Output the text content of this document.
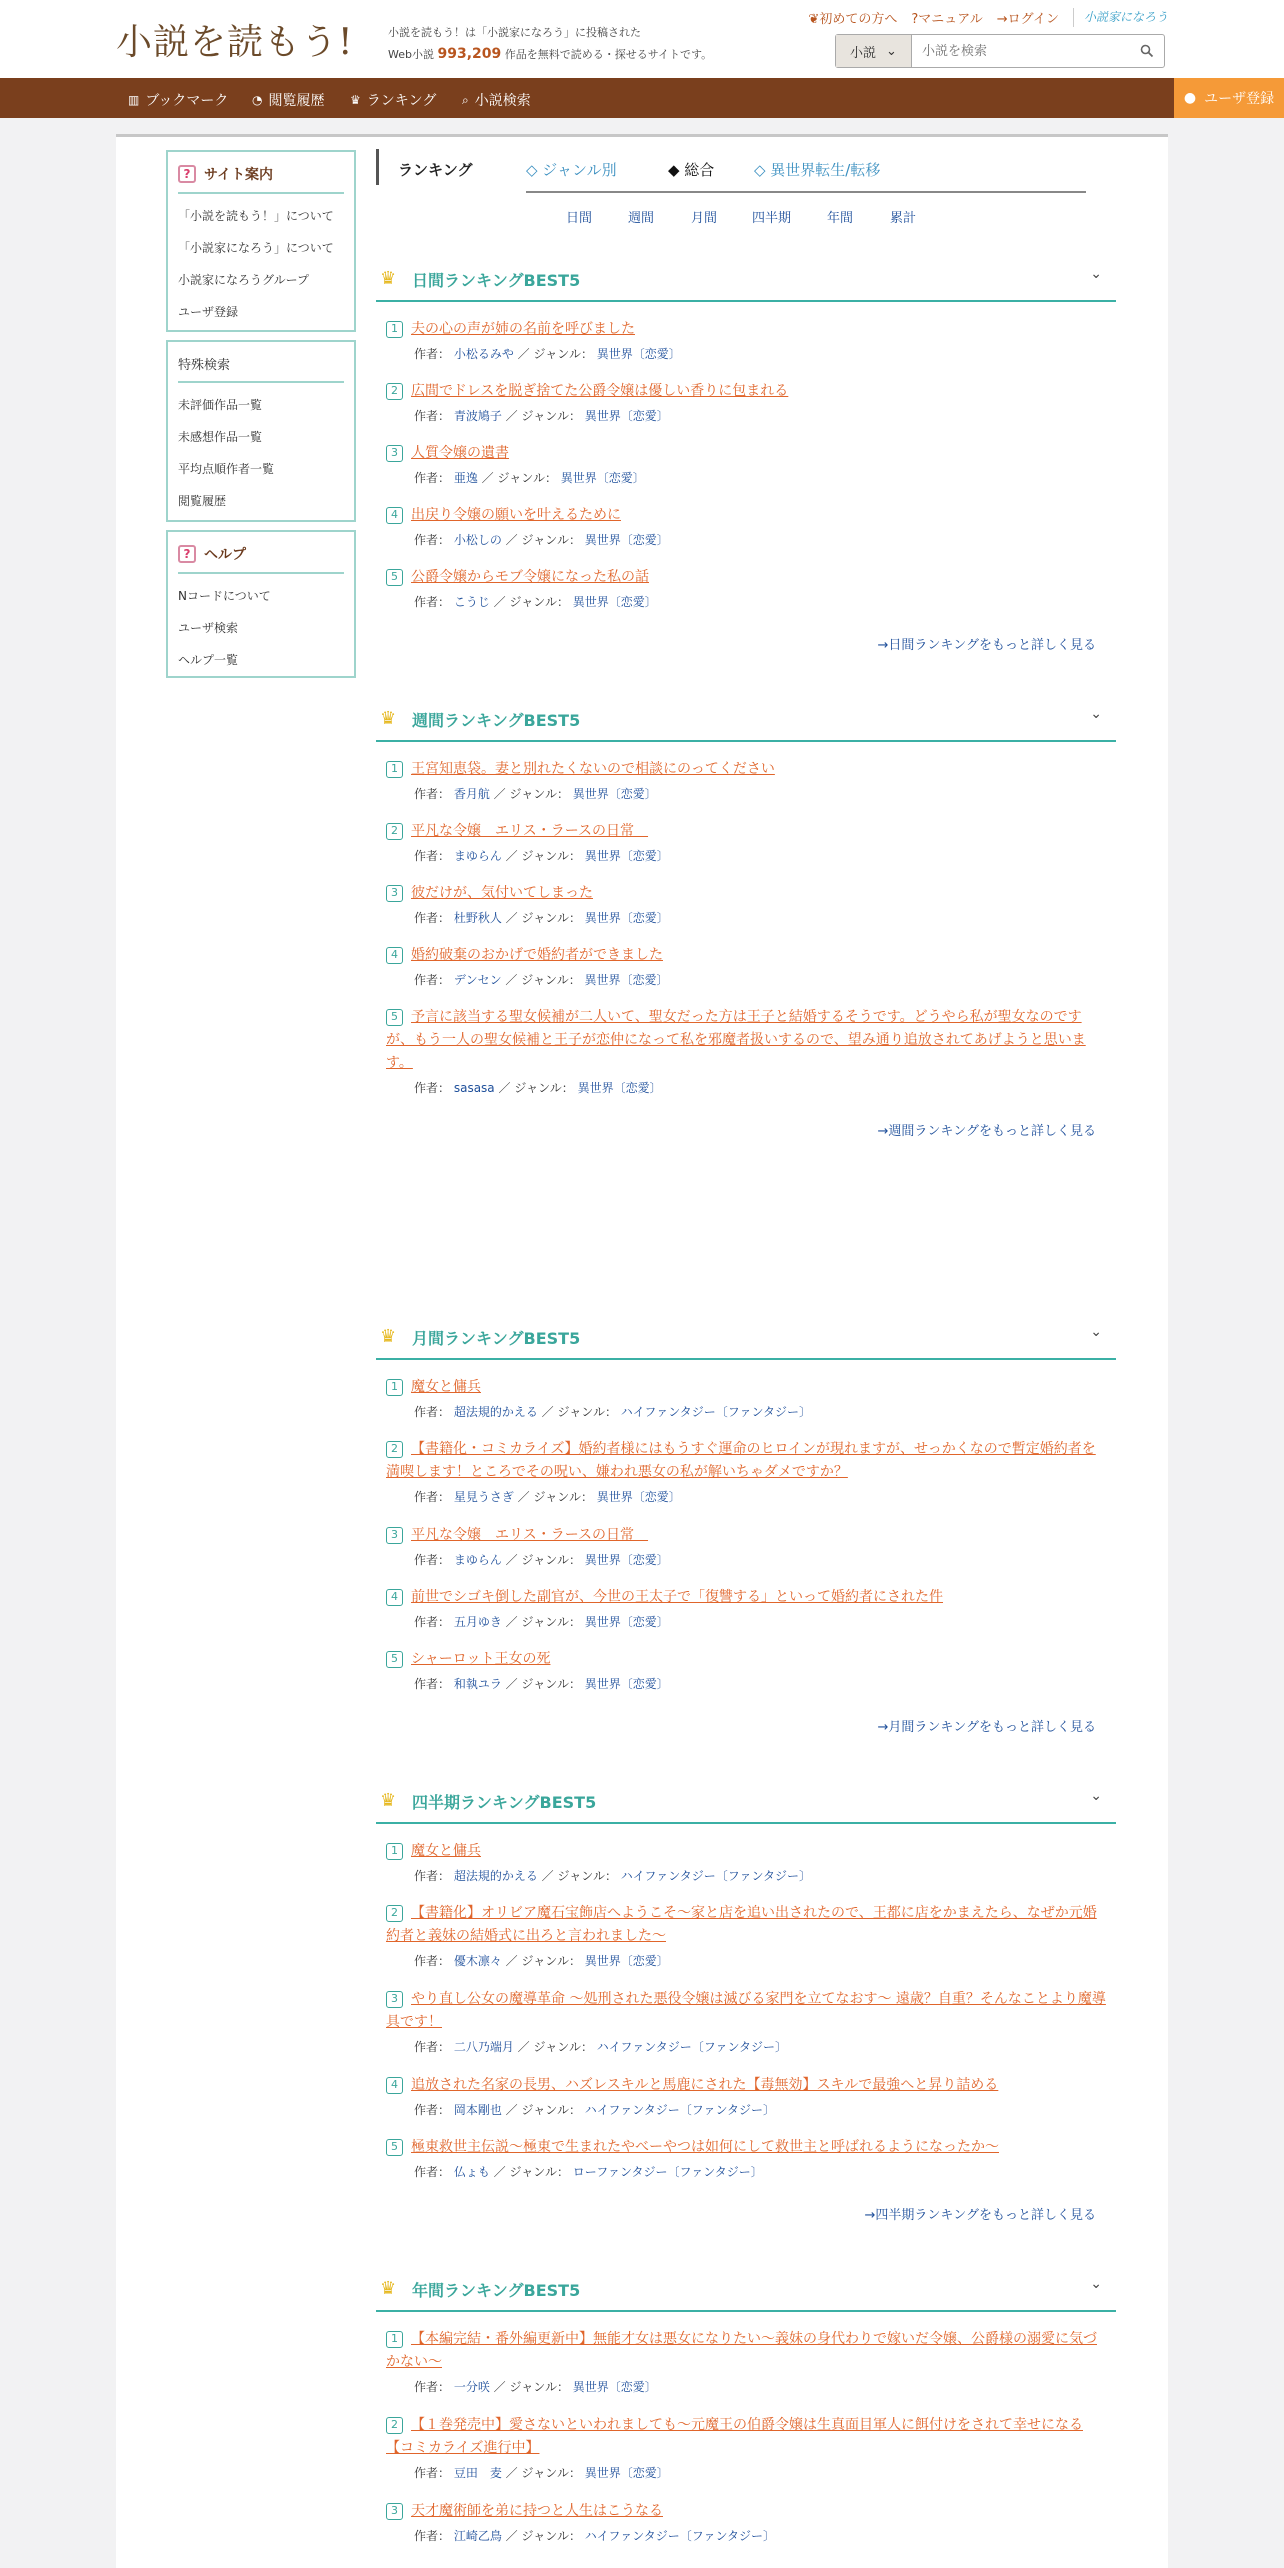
小説を読もう!	小説を読もう！は「小説家になろう」に投稿された
Web小説 993,209 作品を無料で読める・探せるサイトです。
❦初めての方へ ?マニュアル →ログイン	小説家になろう
小説 ⌄
小説を検索
▥ ブックマーク ◔ 閲覧履歴 ♛ ランキング ⌕ 小説検索	● ユーザ登録
? サイト案内
「小説を読もう！」について
「小説家になろう」について
小説家になろうグループ
ユーザ登録
特殊検索
未評価作品一覧
未感想作品一覧
平均点順作者一覧
閲覧履歴
? ヘルプ
Nコードについて
ユーザ検索
ヘルプ一覧
ランキング	◇ ジャンル別	◆ 総合	◇ 異世界転生/転移
日間	週間	月間	四半期	年間	累計
♛ 日間ランキングBEST5	⌄
1 夫の心の声が姉の名前を呼びました
作者： 小松るみや ／ ジャンル： 異世界〔恋愛〕
2 広間でドレスを脱ぎ捨てた公爵令嬢は優しい香りに包まれる
作者： 青波鳩子 ／ ジャンル： 異世界〔恋愛〕
3 人質令嬢の遺書
作者： 亜逸 ／ ジャンル： 異世界〔恋愛〕
4 出戻り令嬢の願いを叶えるために
作者： 小松しの ／ ジャンル： 異世界〔恋愛〕
5 公爵令嬢からモブ令嬢になった私の話
作者： こうじ ／ ジャンル： 異世界〔恋愛〕
→日間ランキングをもっと詳しく見る
♛ 週間ランキングBEST5	⌄
1 王宮知恵袋。妻と別れたくないので相談にのってください
作者： 香月航 ／ ジャンル： 異世界〔恋愛〕
2 平凡な令嬢　エリス・ラースの日常　
作者： まゆらん ／ ジャンル： 異世界〔恋愛〕
3 彼だけが、気付いてしまった
作者： 杜野秋人 ／ ジャンル： 異世界〔恋愛〕
4 婚約破棄のおかげで婚約者ができました
作者： デンセン ／ ジャンル： 異世界〔恋愛〕
5 予言に該当する聖女候補が二人いて、聖女だった方は王子と結婚するそうです。どうやら私が聖女なのですが、もう一人の聖女候補と王子が恋仲になって私を邪魔者扱いするので、望み通り追放されてあげようと思います。
作者： sasasa ／ ジャンル： 異世界〔恋愛〕
→週間ランキングをもっと詳しく見る
♛ 月間ランキングBEST5	⌄
1 魔女と傭兵
作者： 超法規的かえる ／ ジャンル： ハイファンタジー〔ファンタジー〕
2 【書籍化・コミカライズ】婚約者様にはもうすぐ運命のヒロインが現れますが、せっかくなので暫定婚約者を満喫します！ところでその呪い、嫌われ悪女の私が解いちゃダメですか？
作者： 星見うさぎ ／ ジャンル： 異世界〔恋愛〕
3 平凡な令嬢　エリス・ラースの日常　
作者： まゆらん ／ ジャンル： 異世界〔恋愛〕
4 前世でシゴキ倒した副官が、今世の王太子で「復讐する」といって婚約者にされた件
作者： 五月ゆき ／ ジャンル： 異世界〔恋愛〕
5 シャーロット王女の死
作者： 和執ユラ ／ ジャンル： 異世界〔恋愛〕
→月間ランキングをもっと詳しく見る
♛ 四半期ランキングBEST5	⌄
1 魔女と傭兵
作者： 超法規的かえる ／ ジャンル： ハイファンタジー〔ファンタジー〕
2 【書籍化】オリビア魔石宝飾店へようこそ～家と店を追い出されたので、王都に店をかまえたら、なぜか元婚約者と義妹の結婚式に出ろと言われました～
作者： 優木凛々 ／ ジャンル： 異世界〔恋愛〕
3 やり直し公女の魔導革命 ～処刑された悪役令嬢は滅びる家門を立てなおす～ 遠歳？自重？そんなことより魔導具です！
作者： 二八乃端月 ／ ジャンル： ハイファンタジー〔ファンタジー〕
4 追放された名家の長男、ハズレスキルと馬鹿にされた【毒無効】スキルで最強へと昇り詰める
作者： 岡本剛也 ／ ジャンル： ハイファンタジー〔ファンタジー〕
5 極東救世主伝説～極東で生まれたやべーやつは如何にして救世主と呼ばれるようになったか～
作者： 仏ょも ／ ジャンル： ローファンタジー〔ファンタジー〕
→四半期ランキングをもっと詳しく見る
♛ 年間ランキングBEST5	⌄
1 【本編完結・番外編更新中】無能才女は悪女になりたい～義妹の身代わりで嫁いだ令嬢、公爵様の溺愛に気づかない～
作者： 一分咲 ／ ジャンル： 異世界〔恋愛〕
2 【１巻発売中】愛さないといわれましても～元魔王の伯爵令嬢は生真面目軍人に餌付けをされて幸せになる【コミカライズ進行中】
作者： 豆田　麦 ／ ジャンル： 異世界〔恋愛〕
3 天才魔術師を弟に持つと人生はこうなる
作者： 江崎乙鳥 ／ ジャンル： ハイファンタジー〔ファンタジー〕
